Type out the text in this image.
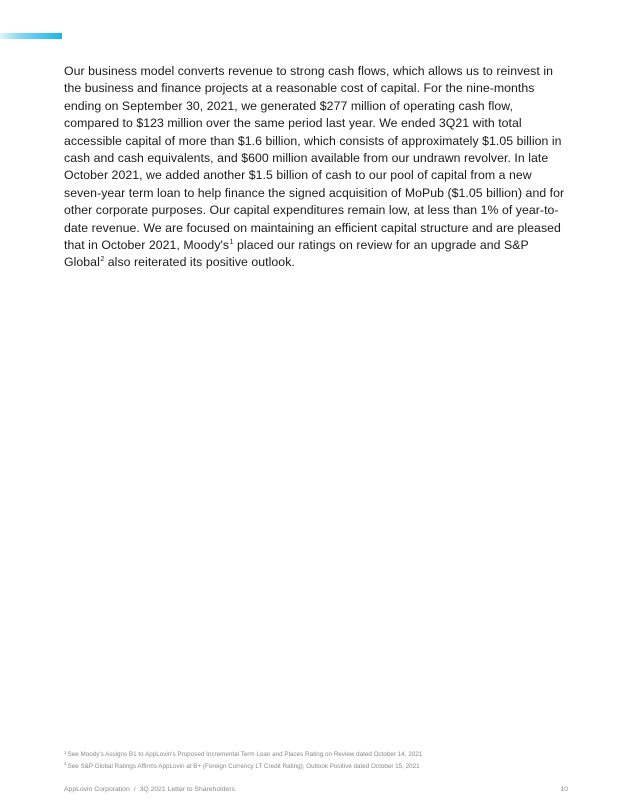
Our business model converts revenue to strong cash flows, which allows us to reinvest in the business and finance projects at a reasonable cost of capital. For the nine-months ending on September 30, 2021, we generated $277 million of operating cash flow, compared to $123 million over the same period last year. We ended 3Q21 with total accessible capital of more than $1.6 billion, which consists of approximately $1.05 billion in cash and cash equivalents, and $600 million available from our undrawn revolver. In late October 2021, we added another $1.5 billion of cash to our pool of capital from a new seven-year term loan to help finance the signed acquisition of MoPub ($1.05 billion) and for other corporate purposes. Our capital expenditures remain low, at less than 1% of year-to-date revenue. We are focused on maintaining an efficient capital structure and are pleased that in October 2021, $Moody's^1$ placed our ratings on review for an upgrade and S&P Global$^2$ also reiterated its positive outlook.

$^1$See Moody's Assigns B1 to AppLovin's Proposed Incremental Term Loan and Places Rating on Review dated October 14, 2021

$^2$See S&P Global Ratings Affirms AppLovin at B+ (Foreign Currency LT Credit Rating); Outlook Positive dated October 15, 2021

AppLovin Corporation / 3Q 2021 Letter to Shareholders	10
